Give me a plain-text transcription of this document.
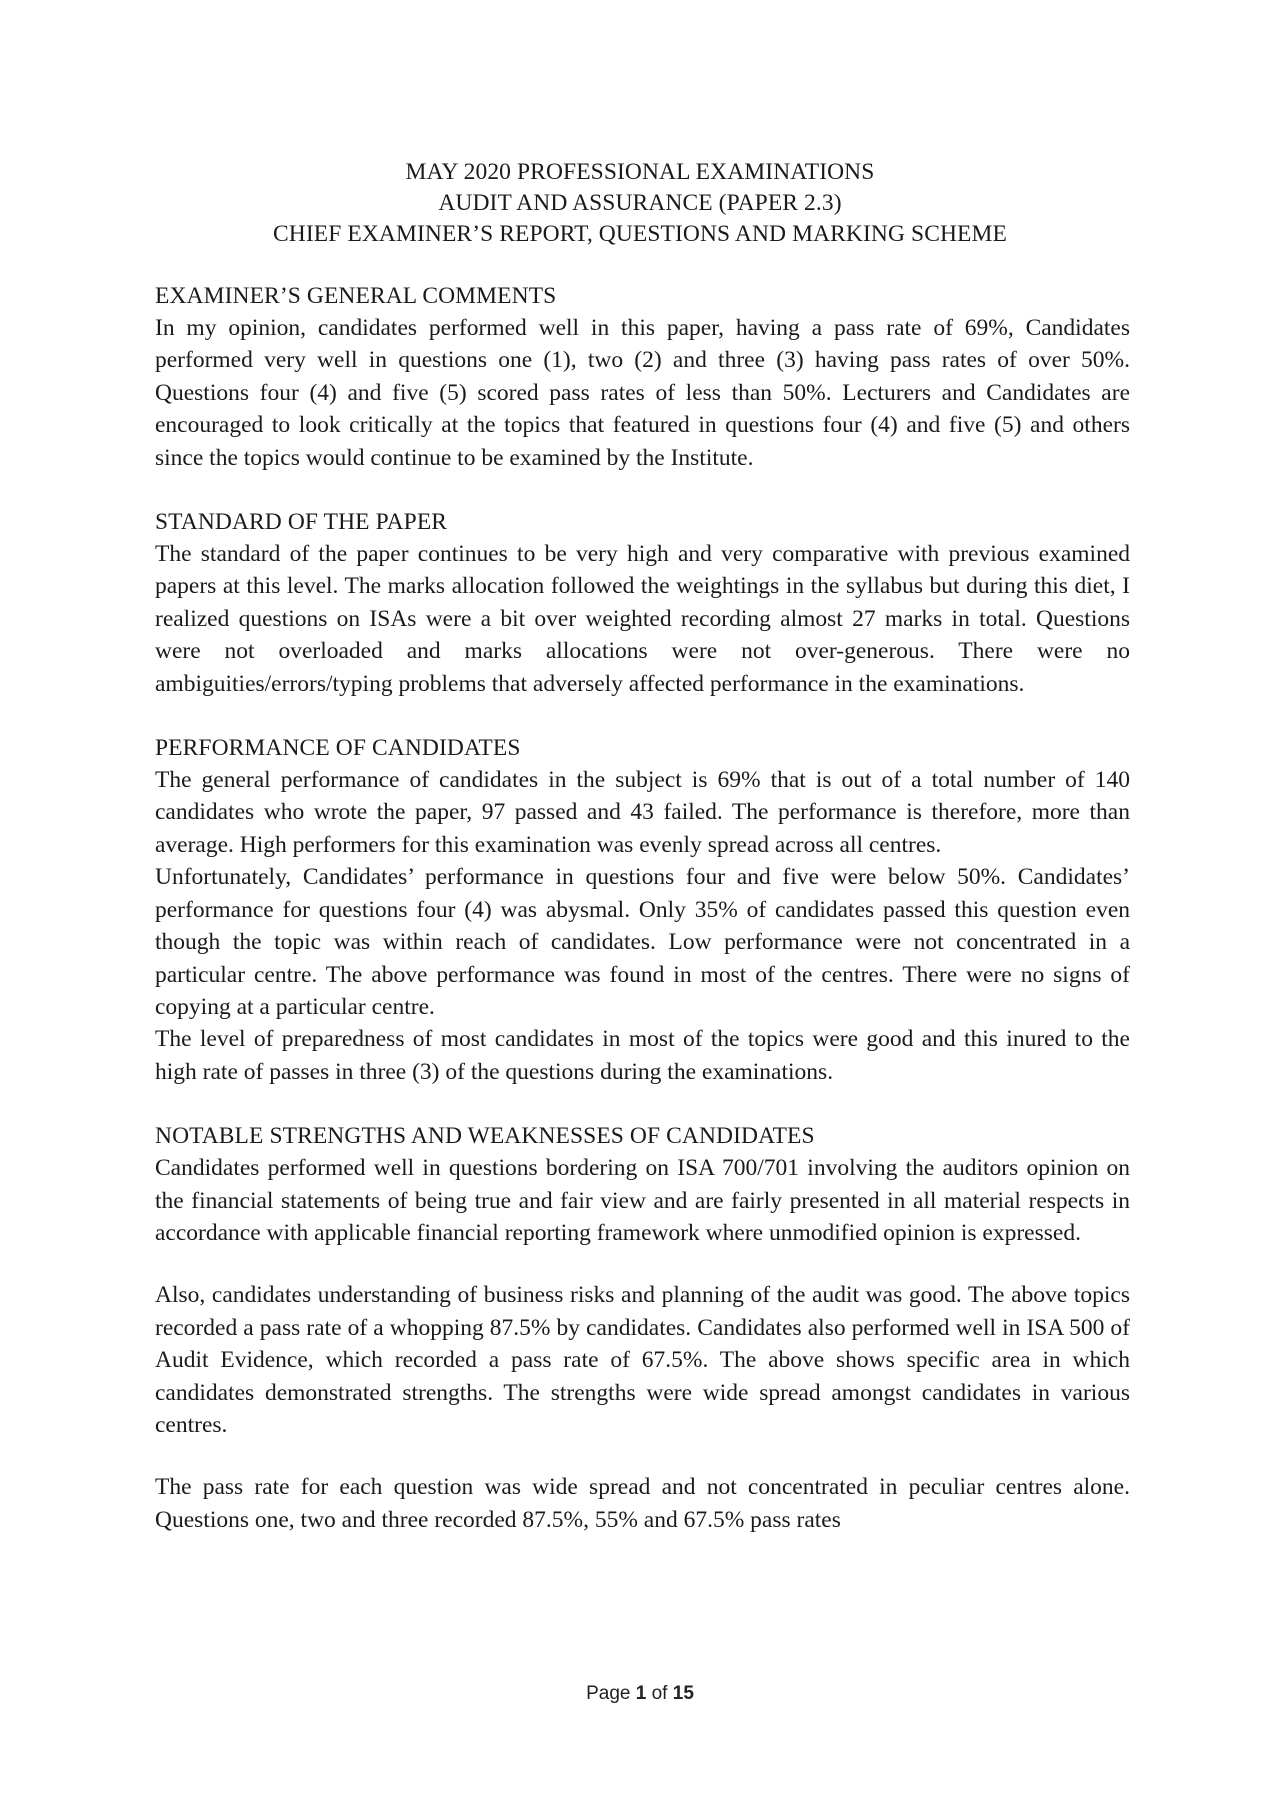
MAY 2020 PROFESSIONAL EXAMINATIONS
AUDIT AND ASSURANCE (PAPER 2.3)
CHIEF EXAMINER’S REPORT, QUESTIONS AND MARKING SCHEME
EXAMINER’S GENERAL COMMENTS

In my opinion, candidates performed well in this paper, having a pass rate of 69%, Candidates performed very well in questions one (1), two (2) and three (3) having pass rates of over 50%. Questions four (4) and five (5) scored pass rates of less than 50%. Lecturers and Candidates are encouraged to look critically at the topics that featured in questions four (4) and five (5) and others since the topics would continue to be examined by the Institute.

STANDARD OF THE PAPER

The standard of the paper continues to be very high and very comparative with previous examined papers at this level. The marks allocation followed the weightings in the syllabus but during this diet, I realized questions on ISAs were a bit over weighted recording almost 27 marks in total. Questions were not overloaded and marks allocations were not over-generous. There were no ambiguities/errors/typing problems that adversely affected performance in the examinations.

PERFORMANCE OF CANDIDATES

The general performance of candidates in the subject is 69% that is out of a total number of 140 candidates who wrote the paper, 97 passed and 43 failed. The performance is therefore, more than average. High performers for this examination was evenly spread across all centres.

Unfortunately, Candidates’ performance in questions four and five were below 50%. Candidates’ performance for questions four (4) was abysmal. Only 35% of candidates passed this question even though the topic was within reach of candidates. Low performance were not concentrated in a particular centre. The above performance was found in most of the centres. There were no signs of copying at a particular centre.

The level of preparedness of most candidates in most of the topics were good and this inured to the high rate of passes in three (3) of the questions during the examinations.

NOTABLE STRENGTHS AND WEAKNESSES OF CANDIDATES

Candidates performed well in questions bordering on ISA 700/701 involving the auditors opinion on the financial statements of being true and fair view and are fairly presented in all material respects in accordance with applicable financial reporting framework where unmodified opinion is expressed.

Also, candidates understanding of business risks and planning of the audit was good. The above topics recorded a pass rate of a whopping 87.5% by candidates. Candidates also performed well in ISA 500 of Audit Evidence, which recorded a pass rate of 67.5%. The above shows specific area in which candidates demonstrated strengths. The strengths were wide spread amongst candidates in various centres.

The pass rate for each question was wide spread and not concentrated in peculiar centres alone. Questions one, two and three recorded 87.5%, 55% and 67.5% pass rates

Page 1 of 15
